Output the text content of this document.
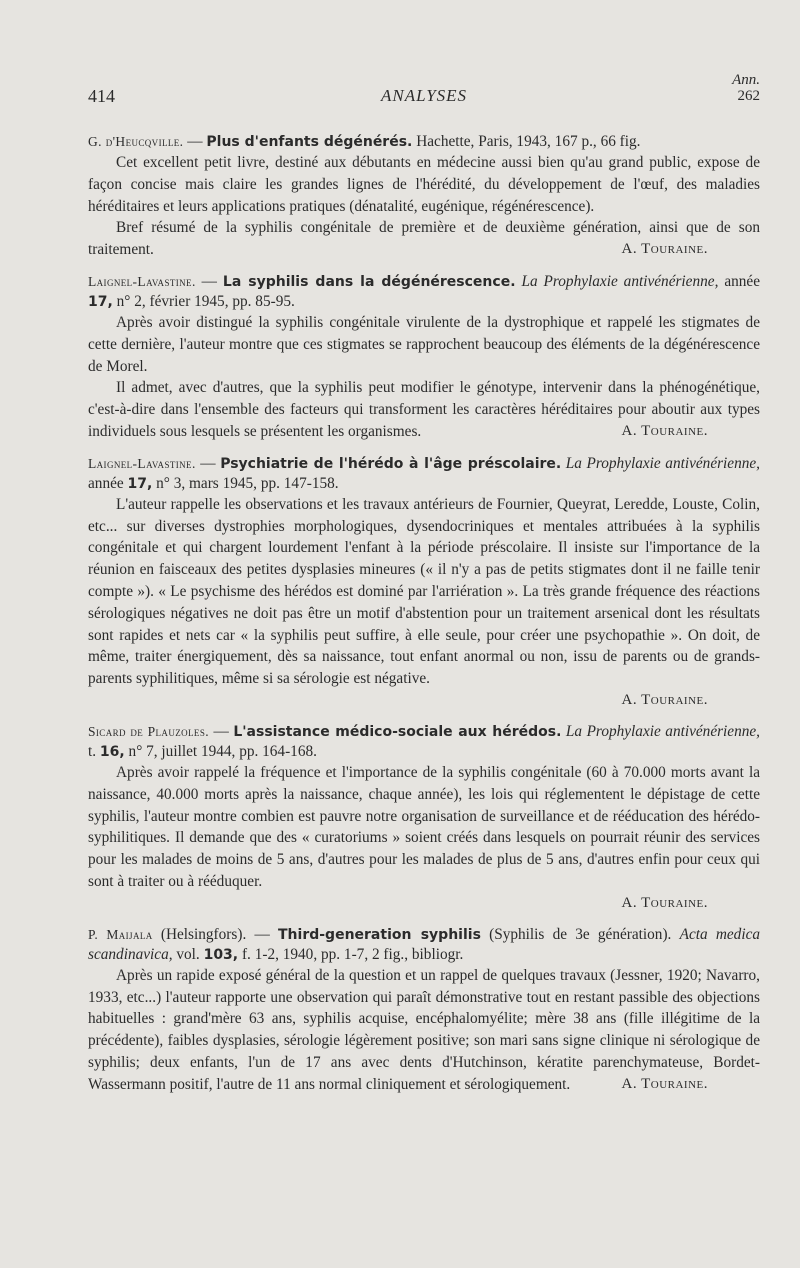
414	ANALYSES
Ann.
262

G. d'Heucqville. — Plus d'enfants dégénérés. Hachette, Paris, 1943, 167 p., 66 fig.

Cet excellent petit livre, destiné aux débutants en médecine aussi bien qu'au grand public, expose de façon concise mais claire les grandes lignes de l'hérédité, du développement de l'œuf, des maladies héréditaires et leurs applications pratiques (dénatalité, eugénique, régénérescence).

Bref résumé de la syphilis congénitale de première et de deuxième génération, ainsi que de son traitement.	A. Touraine.

Laignel-Lavastine. — La syphilis dans la dégénérescence. La Prophylaxie antivénérienne, année 17, n° 2, février 1945, pp. 85-95.

Après avoir distingué la syphilis congénitale virulente de la dystrophique et rappelé les stigmates de cette dernière, l'auteur montre que ces stigmates se rapprochent beaucoup des éléments de la dégénérescence de Morel.

Il admet, avec d'autres, que la syphilis peut modifier le génotype, intervenir dans la phénogénétique, c'est-à-dire dans l'ensemble des facteurs qui transforment les caractères héréditaires pour aboutir aux types individuels sous lesquels se présentent les organismes.	A. Touraine.

Laignel-Lavastine. — Psychiatrie de l'hérédo à l'âge préscolaire. La Prophylaxie antivénérienne, année 17, n° 3, mars 1945, pp. 147-158.

L'auteur rappelle les observations et les travaux antérieurs de Fournier, Queyrat, Leredde, Louste, Colin, etc... sur diverses dystrophies morphologiques, dysendocriniques et mentales attribuées à la syphilis congénitale et qui chargent lourdement l'enfant à la période préscolaire. Il insiste sur l'importance de la réunion en faisceaux des petites dysplasies mineures (« il n'y a pas de petits stigmates dont il ne faille tenir compte »). « Le psychisme des hérédos est dominé par l'arriération ». La très grande fréquence des réactions sérologiques négatives ne doit pas être un motif d'abstention pour un traitement arsenical dont les résultats sont rapides et nets car « la syphilis peut suffire, à elle seule, pour créer une psychopathie ». On doit, de même, traiter énergiquement, dès sa naissance, tout enfant anormal ou non, issu de parents ou de grands-parents syphilitiques, même si sa sérologie est négative.

A. Touraine.

Sicard de Plauzoles. — L'assistance médico-sociale aux hérédos. La Prophylaxie antivénérienne, t. 16, n° 7, juillet 1944, pp. 164-168.

Après avoir rappelé la fréquence et l'importance de la syphilis congénitale (60 à 70.000 morts avant la naissance, 40.000 morts après la naissance, chaque année), les lois qui réglementent le dépistage de cette syphilis, l'auteur montre combien est pauvre notre organisation de surveillance et de rééducation des hérédo-syphilitiques. Il demande que des « curatoriums » soient créés dans lesquels on pourrait réunir des services pour les malades de moins de 5 ans, d'autres pour les malades de plus de 5 ans, d'autres enfin pour ceux qui sont à traiter ou à rééduquer.

A. Touraine.

P. Maijala (Helsingfors). — Third-generation syphilis (Syphilis de 3e génération). Acta medica scandinavica, vol. 103, f. 1-2, 1940, pp. 1-7, 2 fig., bibliogr.

Après un rapide exposé général de la question et un rappel de quelques travaux (Jessner, 1920; Navarro, 1933, etc...) l'auteur rapporte une observation qui paraît démonstrative tout en restant passible des objections habituelles : grand'mère 63 ans, syphilis acquise, encéphalomyélite; mère 38 ans (fille illégitime de la précédente), faibles dysplasies, sérologie légèrement positive; son mari sans signe clinique ni sérologique de syphilis; deux enfants, l'un de 17 ans avec dents d'Hutchinson, kératite parenchymateuse, Bordet-Wassermann positif, l'autre de 11 ans normal cliniquement et sérologiquement.	A. Touraine.
